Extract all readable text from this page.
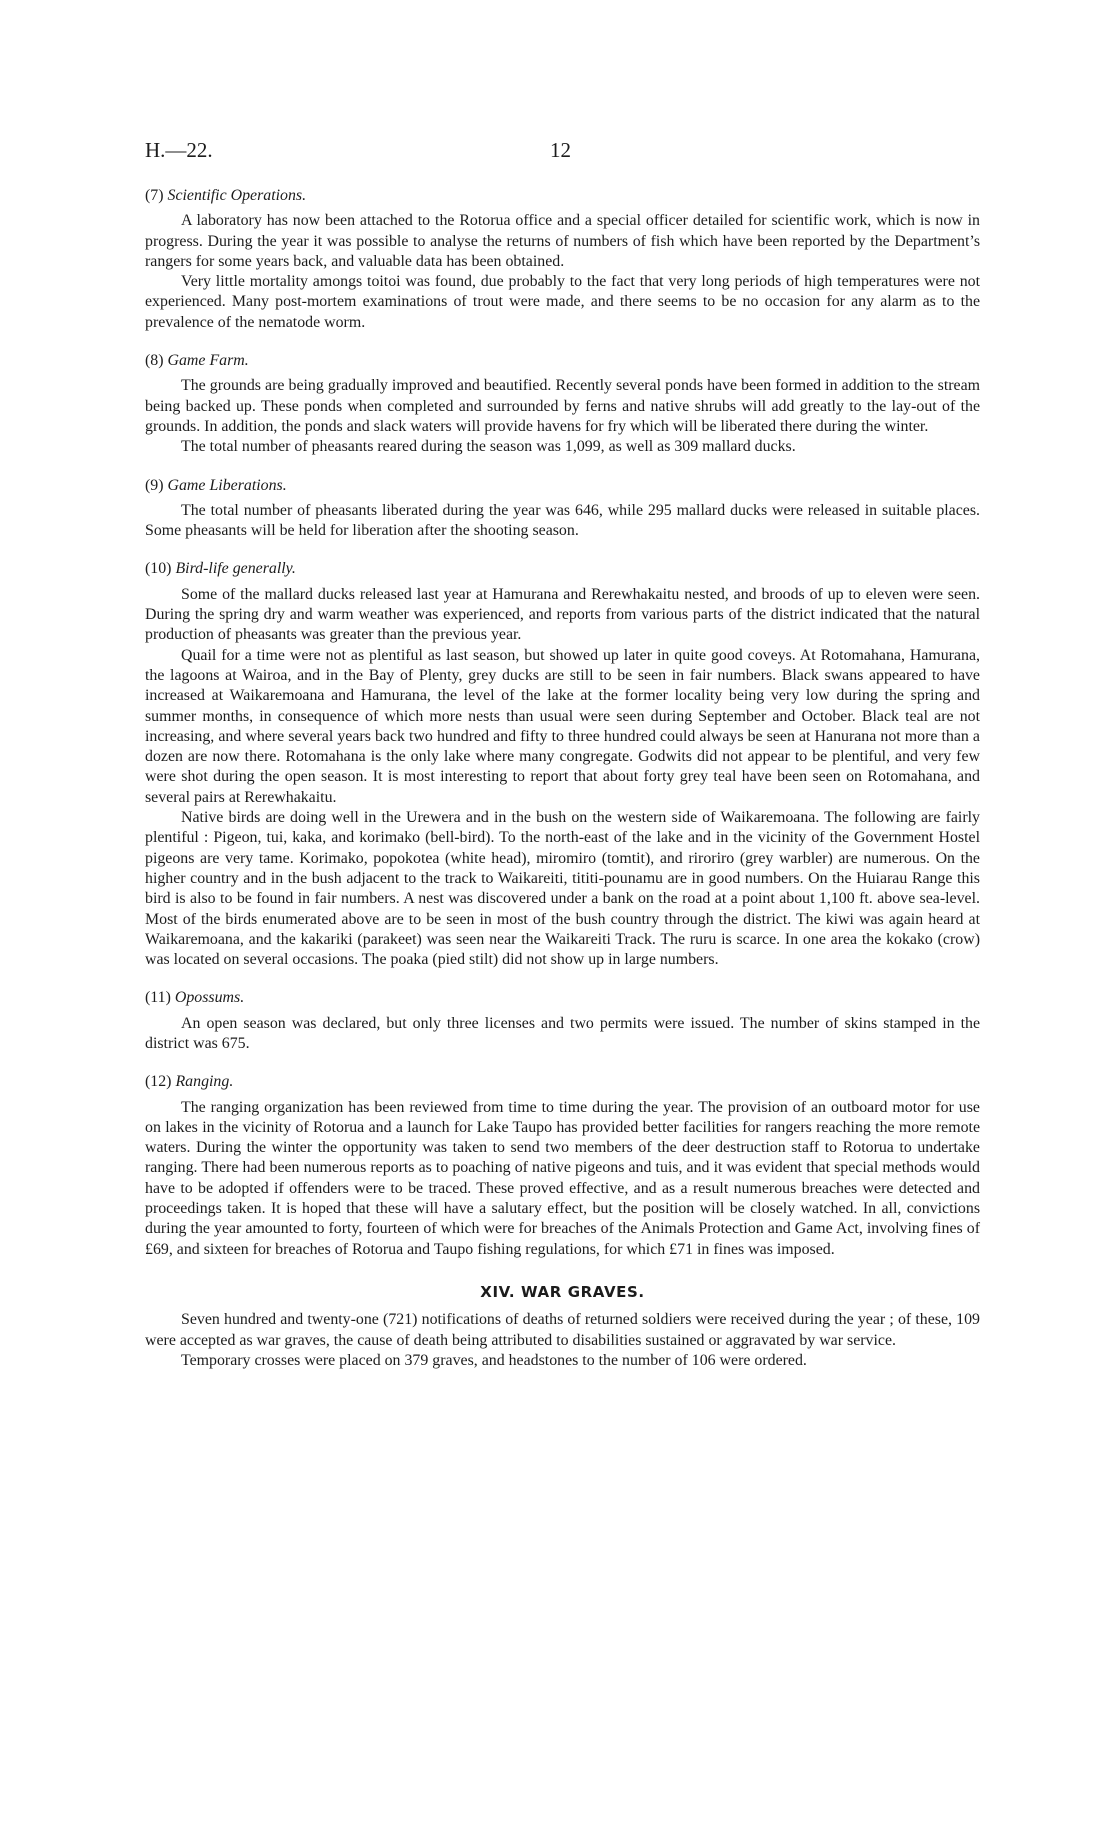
H.—22.	12

(7) Scientific Operations.

A laboratory has now been attached to the Rotorua office and a special officer detailed for scientific work, which is now in progress. During the year it was possible to analyse the returns of numbers of fish which have been reported by the Department’s rangers for some years back, and valuable data has been obtained.

Very little mortality amongs toitoi was found, due probably to the fact that very long periods of high temperatures were not experienced. Many post-mortem examinations of trout were made, and there seems to be no occasion for any alarm as to the prevalence of the nematode worm.

(8) Game Farm.

The grounds are being gradually improved and beautified. Recently several ponds have been formed in addition to the stream being backed up. These ponds when completed and surrounded by ferns and native shrubs will add greatly to the lay-out of the grounds. In addition, the ponds and slack waters will provide havens for fry which will be liberated there during the winter.

The total number of pheasants reared during the season was 1,099, as well as 309 mallard ducks.

(9) Game Liberations.

The total number of pheasants liberated during the year was 646, while 295 mallard ducks were released in suitable places. Some pheasants will be held for liberation after the shooting season.

(10) Bird-life generally.

Some of the mallard ducks released last year at Hamurana and Rerewhakaitu nested, and broods of up to eleven were seen. During the spring dry and warm weather was experienced, and reports from various parts of the district indicated that the natural production of pheasants was greater than the previous year.

Quail for a time were not as plentiful as last season, but showed up later in quite good coveys. At Rotomahana, Hamurana, the lagoons at Wairoa, and in the Bay of Plenty, grey ducks are still to be seen in fair numbers. Black swans appeared to have increased at Waikaremoana and Hamurana, the level of the lake at the former locality being very low during the spring and summer months, in consequence of which more nests than usual were seen during September and October. Black teal are not increasing, and where several years back two hundred and fifty to three hundred could always be seen at Hanurana not more than a dozen are now there. Rotomahana is the only lake where many congregate. Godwits did not appear to be plentiful, and very few were shot during the open season. It is most interesting to report that about forty grey teal have been seen on Rotomahana, and several pairs at Rerewhakaitu.

Native birds are doing well in the Urewera and in the bush on the western side of Waikaremoana. The following are fairly plentiful : Pigeon, tui, kaka, and korimako (bell-bird). To the north-east of the lake and in the vicinity of the Government Hostel pigeons are very tame. Korimako, popokotea (white head), miromiro (tomtit), and riroriro (grey warbler) are numerous. On the higher country and in the bush adjacent to the track to Waikareiti, tititi-pounamu are in good numbers. On the Huiarau Range this bird is also to be found in fair numbers. A nest was discovered under a bank on the road at a point about 1,100 ft. above sea-level. Most of the birds enumerated above are to be seen in most of the bush country through the district. The kiwi was again heard at Waikaremoana, and the kakariki (parakeet) was seen near the Waikareiti Track. The ruru is scarce. In one area the kokako (crow) was located on several occasions. The poaka (pied stilt) did not show up in large numbers.

(11) Opossums.

An open season was declared, but only three licenses and two permits were issued. The number of skins stamped in the district was 675.

(12) Ranging.

The ranging organization has been reviewed from time to time during the year. The provision of an outboard motor for use on lakes in the vicinity of Rotorua and a launch for Lake Taupo has provided better facilities for rangers reaching the more remote waters. During the winter the opportunity was taken to send two members of the deer destruction staff to Rotorua to undertake ranging. There had been numerous reports as to poaching of native pigeons and tuis, and it was evident that special methods would have to be adopted if offenders were to be traced. These proved effective, and as a result numerous breaches were detected and proceedings taken. It is hoped that these will have a salutary effect, but the position will be closely watched. In all, convictions during the year amounted to forty, fourteen of which were for breaches of the Animals Protection and Game Act, involving fines of £69, and sixteen for breaches of Rotorua and Taupo fishing regulations, for which £71 in fines was imposed.

XIV. WAR GRAVES.

Seven hundred and twenty-one (721) notifications of deaths of returned soldiers were received during the year ; of these, 109 were accepted as war graves, the cause of death being attributed to disabilities sustained or aggravated by war service.

Temporary crosses were placed on 379 graves, and headstones to the number of 106 were ordered.
